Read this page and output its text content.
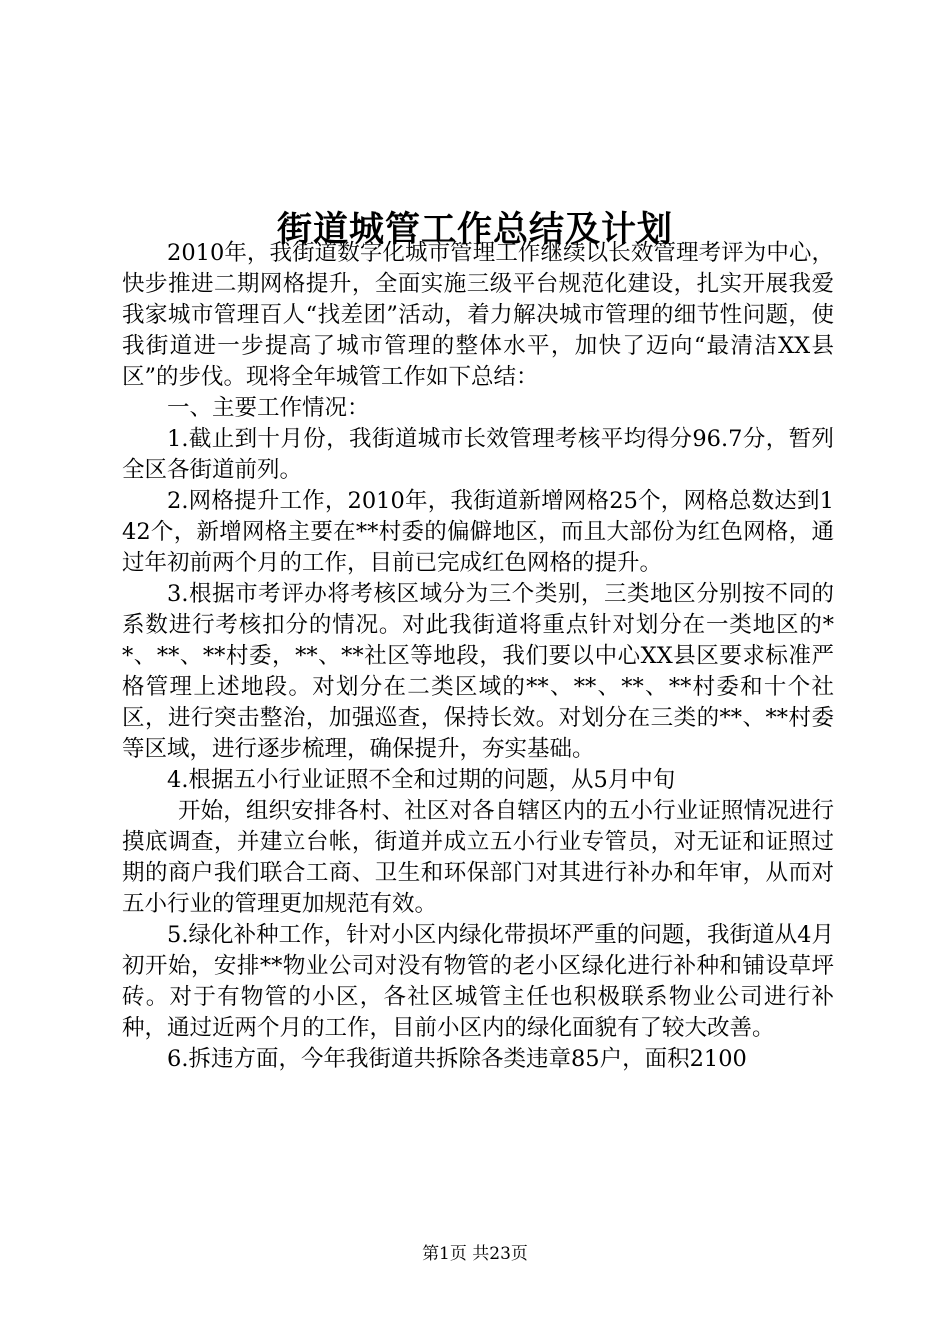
街道城管工作总结及计划

2010年，我街道数字化城市管理工作继续以长效管理考评为中心，快步推进二期网格提升，全面实施三级平台规范化建设，扎实开展我爱我家城市管理百人“找差团”活动，着力解决城市管理的细节性问题，使我街道进一步提高了城市管理的整体水平，加快了迈向“最清洁XX县区”的步伐。现将全年城管工作如下总结：

一、主要工作情况：

1.截止到十月份，我街道城市长效管理考核平均得分96.7分，暂列全区各街道前列。

2.网格提升工作，2010年，我街道新增网格25个，网格总数达到142个，新增网格主要在**村委的偏僻地区，而且大部份为红色网格，通过年初前两个月的工作，目前已完成红色网格的提升。

3.根据市考评办将考核区域分为三个类别，三类地区分别按不同的系数进行考核扣分的情况。对此我街道将重点针对划分在一类地区的**、**、**村委，**、**社区等地段，我们要以中心XX县区要求标准严格管理上述地段。对划分在二类区域的**、**、**、**村委和十个社区，进行突击整治，加强巡查，保持长效。对划分在三类的**、**村委等区域，进行逐步梳理，确保提升，夯实基础。

4.根据五小行业证照不全和过期的问题，从5月中旬

开始，组织安排各村、社区对各自辖区内的五小行业证照情况进行摸底调查，并建立台帐，街道并成立五小行业专管员，对无证和证照过期的商户我们联合工商、卫生和环保部门对其进行补办和年审，从而对五小行业的管理更加规范有效。

5.绿化补种工作，针对小区内绿化带损坏严重的问题，我街道从4月初开始，安排**物业公司对没有物管的老小区绿化进行补种和铺设草坪砖。对于有物管的小区，各社区城管主任也积极联系物业公司进行补种，通过近两个月的工作，目前小区内的绿化面貌有了较大改善。

6.拆违方面，今年我街道共拆除各类违章85户，面积2100

第1页 共23页
